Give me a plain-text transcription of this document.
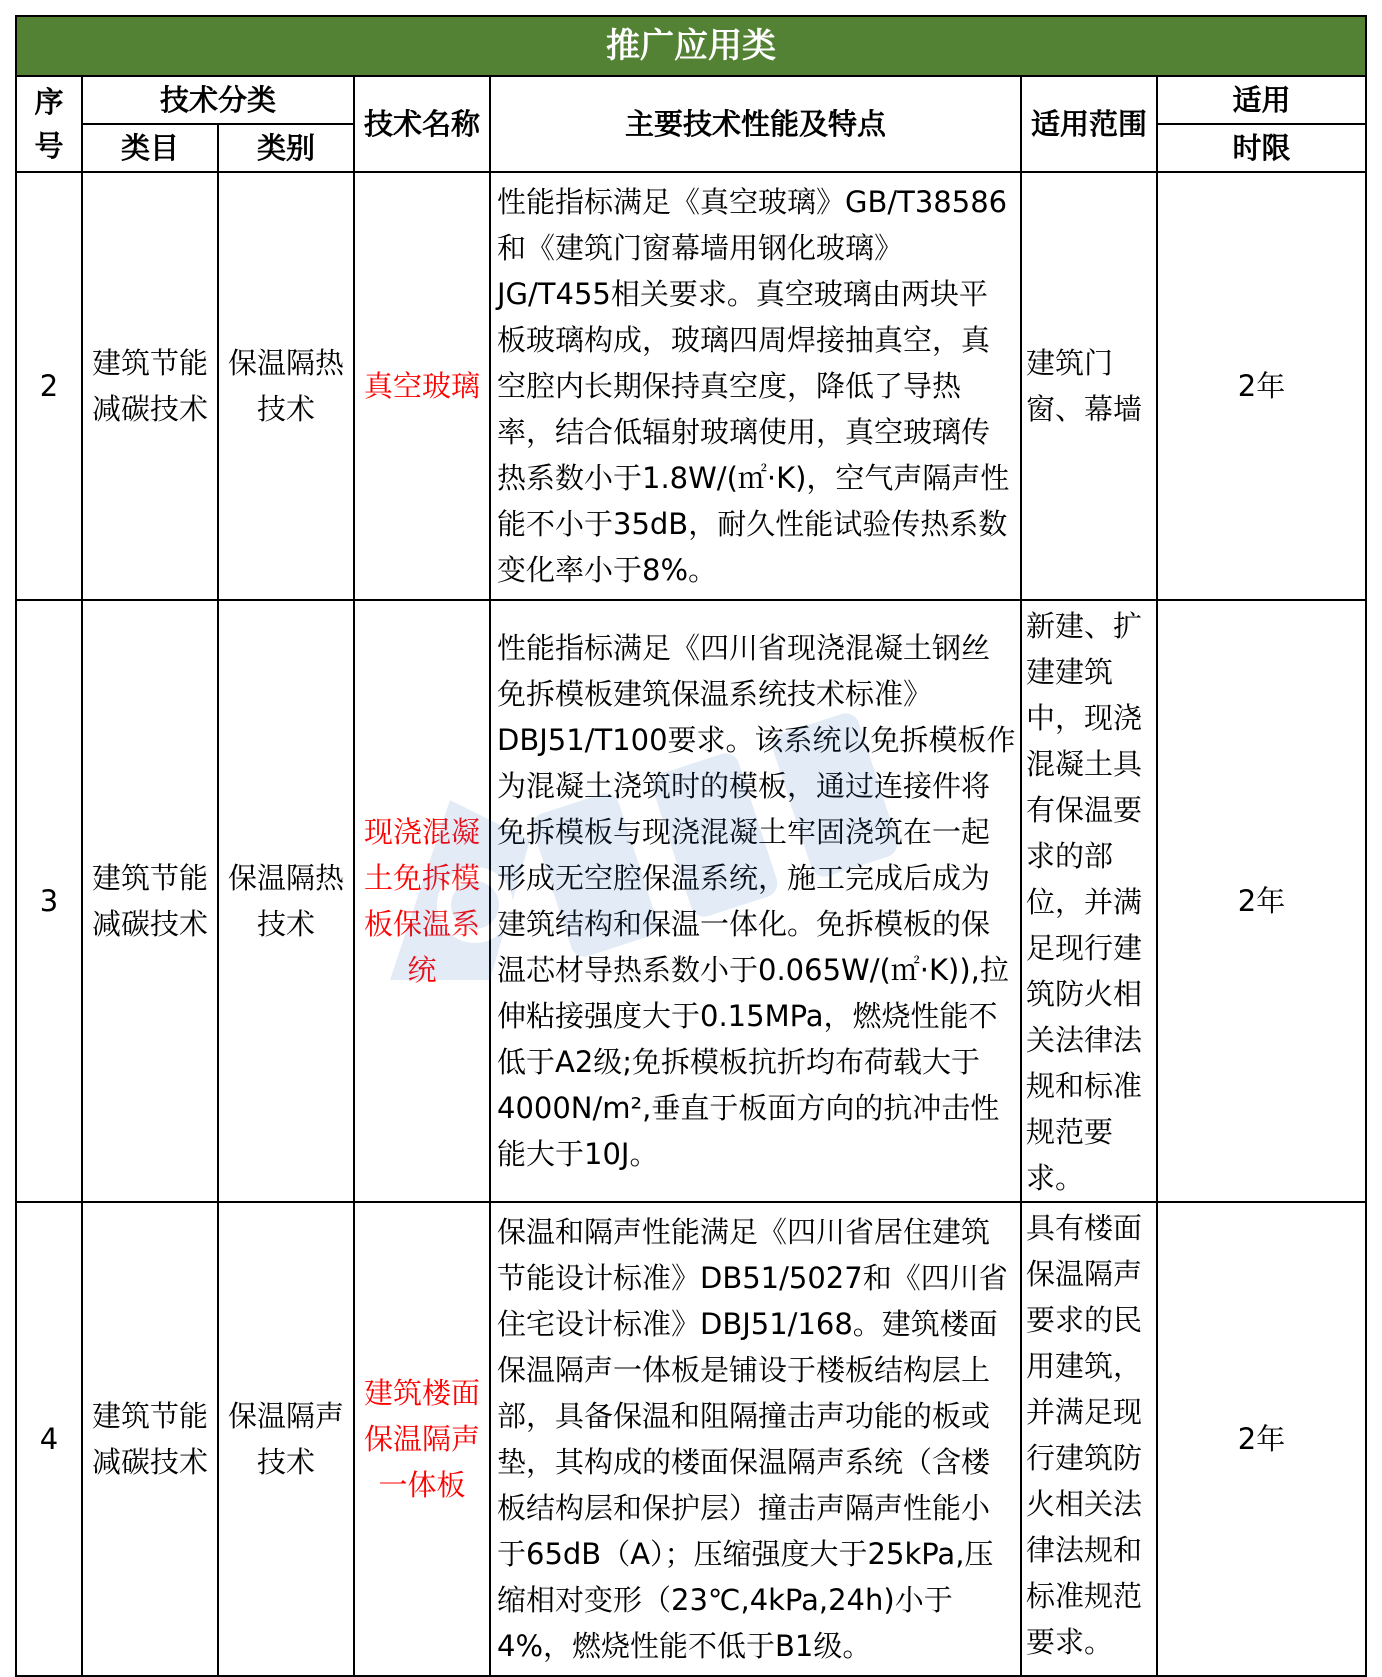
推广应用类						
序号	技术分类		技术名称	主要技术性能及特点	适用范围	适用
	类目	类别				时限
2	建筑节能减碳技术	保温隔热技术	真空玻璃	性能指标满足《真空玻璃》GB/T38586和《建筑门窗幕墙用钢化玻璃》JG/T455相关要求。真空玻璃由两块平板玻璃构成，玻璃四周焊接抽真空，真空腔内长期保持真空度，降低了导热率，结合低辐射玻璃使用，真空玻璃传热系数小于1.8W/(㎡·K)，空气声隔声性能不小于35dB，耐久性能试验传热系数变化率小于8%。	建筑门窗、幕墙	2年
3	建筑节能减碳技术	保温隔热技术	现浇混凝土免拆模板保温系统	性能指标满足《四川省现浇混凝土钢丝免拆模板建筑保温系统技术标准》DBJ51/T100要求。该系统以免拆模板作为混凝土浇筑时的模板，通过连接件将免拆模板与现浇混凝土牢固浇筑在一起形成无空腔保温系统，施工完成后成为建筑结构和保温一体化。免拆模板的保温芯材导热系数小于0.065W/(㎡·K)),拉伸粘接强度大于0.15MPa，燃烧性能不低于A2级;免拆模板抗折均布荷载大于4000N/m²,垂直于板面方向的抗冲击性能大于10J。	新建、扩建建筑中，现浇混凝土具有保温要求的部位，并满足现行建筑防火相关法律法规和标准规范要求。	2年
4	建筑节能减碳技术	保温隔声技术	建筑楼面保温隔声一体板	保温和隔声性能满足《四川省居住建筑节能设计标准》DB51/5027和《四川省住宅设计标准》DBJ51/168。建筑楼面保温隔声一体板是铺设于楼板结构层上部，具备保温和阻隔撞击声功能的板或垫，其构成的楼面保温隔声系统（含楼板结构层和保护层）撞击声隔声性能小于65dB（A）；压缩强度大于25kPa,压缩相对变形（23℃,4kPa,24h)小于4%，燃烧性能不低于B1级。	具有楼面保温隔声要求的民用建筑，并满足现行建筑防火相关法律法规和标准规范要求。	2年
